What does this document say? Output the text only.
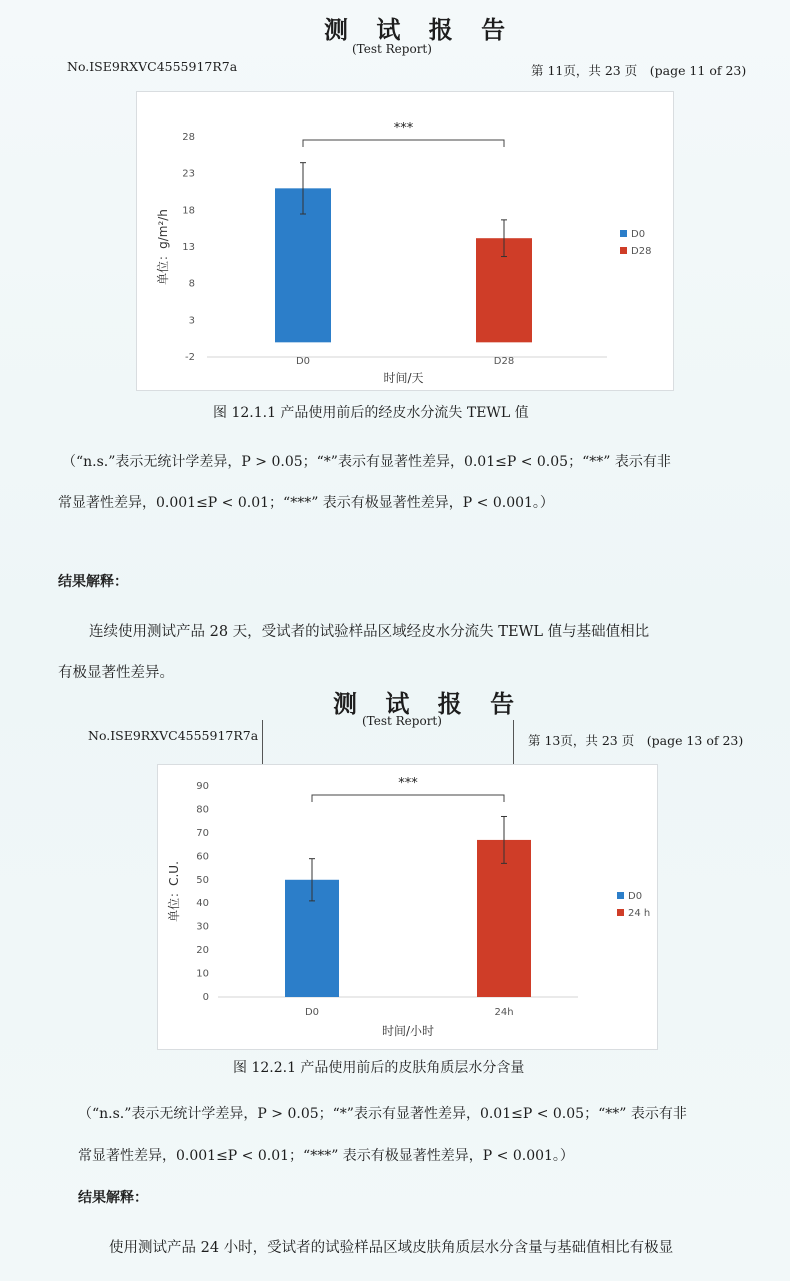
测 试 报 告
(Test Report)
No.ISE9RXVC4555917R7a	第 11页，共 23 页　(page 11 of 23)
28
23
18
13
8
3
-2
单位：g/m²/h
D0	D28
***
时间/天
D0
D28
图 12.1.1 产品使用前后的经皮水分流失 TEWL 值
（“n.s.”表示无统计学差异，P > 0.05；“*”表示有显著性差异，0.01≤P < 0.05；“**” 表示有非
常显著性差异，0.001≤P < 0.01；“***” 表示有极显著性差异，P < 0.001。）
结果解释：
连续使用测试产品 28 天，受试者的试验样品区域经皮水分流失 TEWL 值与基础值相比
有极显著性差异。
测 试 报 告
(Test Report)
No.ISE9RXVC4555917R7a	第 13页，共 23 页　(page 13 of 23)
90
80
70
60
50
40
30
20
10
0
单位：C.U.
D0	24h
***
时间/小时
D0
24 h
图 12.2.1 产品使用前后的皮肤角质层水分含量
（“n.s.”表示无统计学差异，P > 0.05；“*”表示有显著性差异，0.01≤P < 0.05；“**” 表示有非
常显著性差异，0.001≤P < 0.01；“***” 表示有极显著性差异，P < 0.001。）
结果解释：
使用测试产品 24 小时，受试者的试验样品区域皮肤角质层水分含量与基础值相比有极显
